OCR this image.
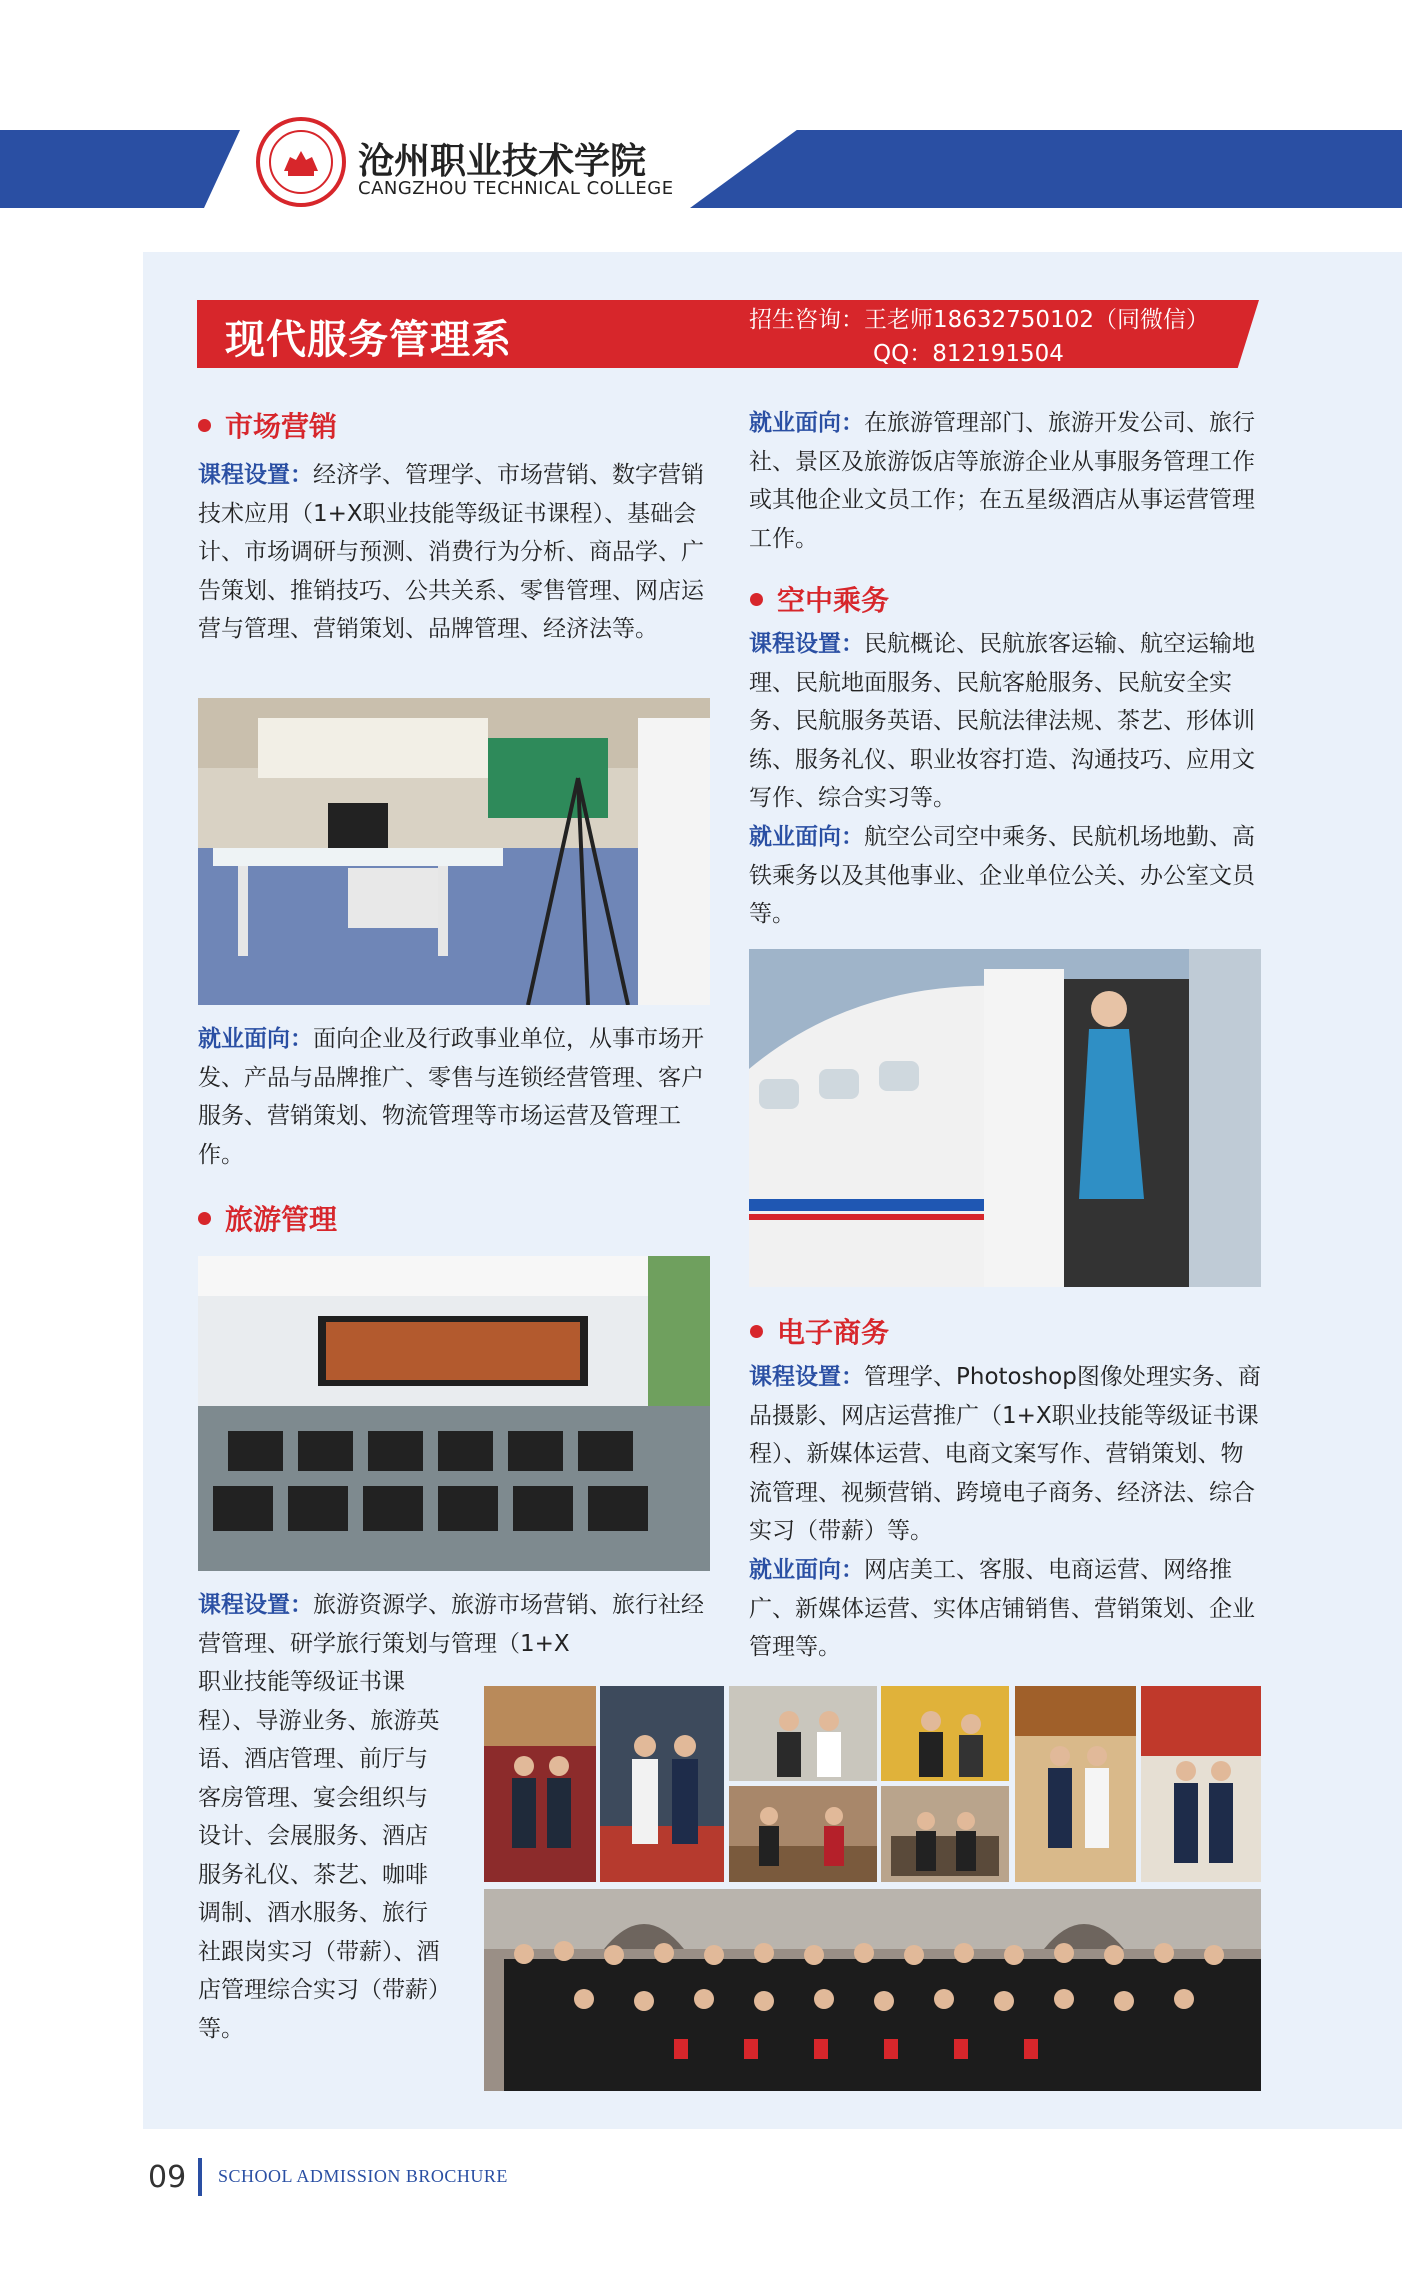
沧州职业技术学院
CANGZHOU TECHNICAL COLLEGE
现代服务管理系	招生咨询：王老师18632750102（同微信）
QQ：812191504
市场营销
课程设置：经济学、管理学、市场营销、数字营销技术应用（1+X职业技能等级证书课程）、基础会计、市场调研与预测、消费行为分析、商品学、广告策划、推销技巧、公共关系、零售管理、网店运营与管理、营销策划、品牌管理、经济法等。
就业面向：面向企业及行政事业单位，从事市场开发、产品与品牌推广、零售与连锁经营管理、客户服务、营销策划、物流管理等市场运营及管理工作。
旅游管理
课程设置：旅游资源学、旅游市场营销、旅行社经营管理、研学旅行策划与管理（1+X
职业技能等级证书课程）、导游业务、旅游英语、酒店管理、前厅与客房管理、宴会组织与设计、会展服务、酒店服务礼仪、茶艺、咖啡调制、酒水服务、旅行社跟岗实习（带薪）、酒店管理综合实习（带薪）等。
就业面向：在旅游管理部门、旅游开发公司、旅行社、景区及旅游饭店等旅游企业从事服务管理工作或其他企业文员工作；在五星级酒店从事运营管理工作。
空中乘务
课程设置：民航概论、民航旅客运输、航空运输地理、民航地面服务、民航客舱服务、民航安全实务、民航服务英语、民航法律法规、茶艺、形体训练、服务礼仪、职业妆容打造、沟通技巧、应用文写作、综合实习等。
就业面向：航空公司空中乘务、民航机场地勤、高铁乘务以及其他事业、企业单位公关、办公室文员等。
电子商务
课程设置：管理学、Photoshop图像处理实务、商品摄影、网店运营推广（1+X职业技能等级证书课程）、新媒体运营、电商文案写作、营销策划、物流管理、视频营销、跨境电子商务、经济法、综合实习（带薪）等。
就业面向：网店美工、客服、电商运营、网络推广、新媒体运营、实体店铺销售、营销策划、企业管理等。
09 SCHOOL ADMISSION BROCHURE
